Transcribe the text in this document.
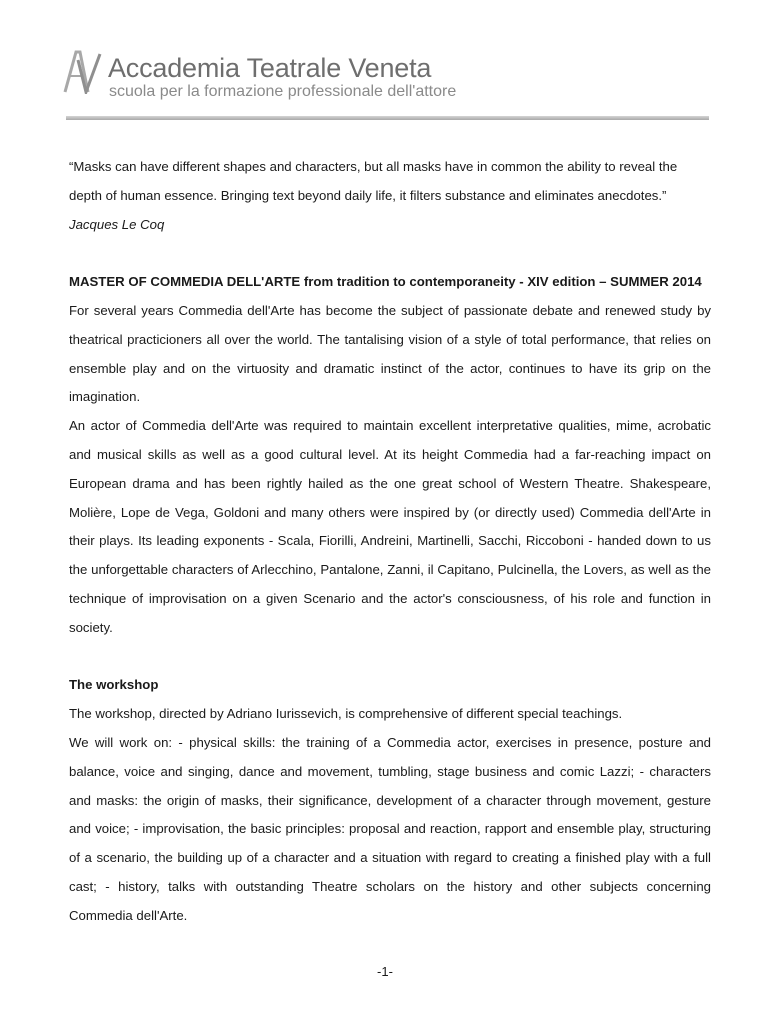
Accademia Teatrale Veneta
scuola per la formazione professionale dell'attore

“Masks can have different shapes and characters, but all masks have in common the ability to reveal the depth of human essence. Bringing text beyond daily life, it filters substance and eliminates anecdotes.”

Jacques Le Coq

MASTER OF COMMEDIA DELL'ARTE from tradition to contemporaneity - XIV edition – SUMMER 2014

For several years Commedia dell'Arte has become the subject of passionate debate and renewed study by theatrical practicioners all over the world. The tantalising vision of a style of total performance, that relies on ensemble play and on the virtuosity and dramatic instinct of the actor, continues to have its grip on the imagination.

An actor of Commedia dell'Arte was required to maintain excellent interpretative qualities, mime, acrobatic and musical skills as well as a good cultural level. At its height Commedia had a far-reaching impact on European drama and has been rightly hailed as the one great school of Western Theatre. Shakespeare, Molière, Lope de Vega, Goldoni and many others were inspired by (or directly used) Commedia dell'Arte in their plays. Its leading exponents - Scala, Fiorilli, Andreini, Martinelli, Sacchi, Riccoboni - handed down to us the unforgettable characters of Arlecchino, Pantalone, Zanni, il Capitano, Pulcinella, the Lovers, as well as the technique of improvisation on a given Scenario and the actor's consciousness, of his role and function in society.

The workshop

The workshop, directed by Adriano Iurissevich, is comprehensive of different special teachings.

We will work on: - physical skills: the training of a Commedia actor, exercises in presence, posture and balance, voice and singing, dance and movement, tumbling, stage business and comic Lazzi; - characters and masks: the origin of masks, their significance, development of a character through movement, gesture and voice; - improvisation, the basic principles: proposal and reaction, rapport and ensemble play, structuring of a scenario, the building up of a character and a situation with regard to creating a finished play with a full cast; - history, talks with outstanding Theatre scholars on the history and other subjects concerning Commedia dell'Arte.

-1-
